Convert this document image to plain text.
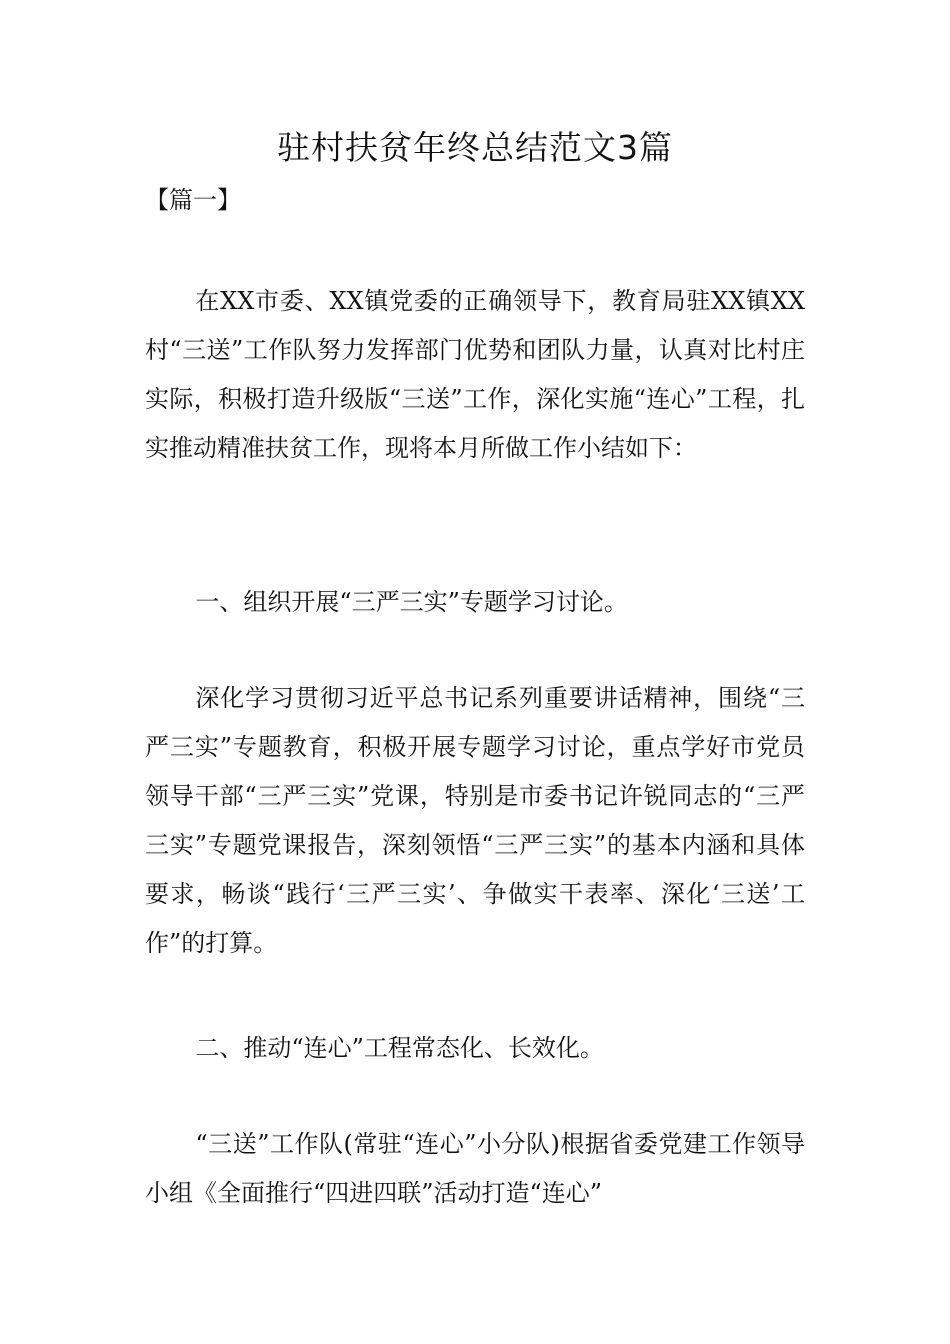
驻村扶贫年终总结范文3篇
【篇一】

在XX市委、XX镇党委的正确领导下，教育局驻XX镇XX村“三送”工作队努力发挥部门优势和团队力量，认真对比村庄实际，积极打造升级版“三送”工作，深化实施“连心”工程，扎实推动精准扶贫工作，现将本月所做工作小结如下：

一、组织开展“三严三实”专题学习讨论。

深化学习贯彻习近平总书记系列重要讲话精神，围绕“三严三实”专题教育，积极开展专题学习讨论，重点学好市党员领导干部“三严三实”党课，特别是市委书记许锐同志的“三严三实”专题党课报告，深刻领悟“三严三实”的基本内涵和具体要求，畅谈“践行‘三严三实’、争做实干表率、深化‘三送’工作”的打算。

二、推动“连心”工程常态化、长效化。

“三送”工作队(常驻“连心”小分队)根据省委党建工作领导小组《全面推行“四进四联”活动打造“连心”
